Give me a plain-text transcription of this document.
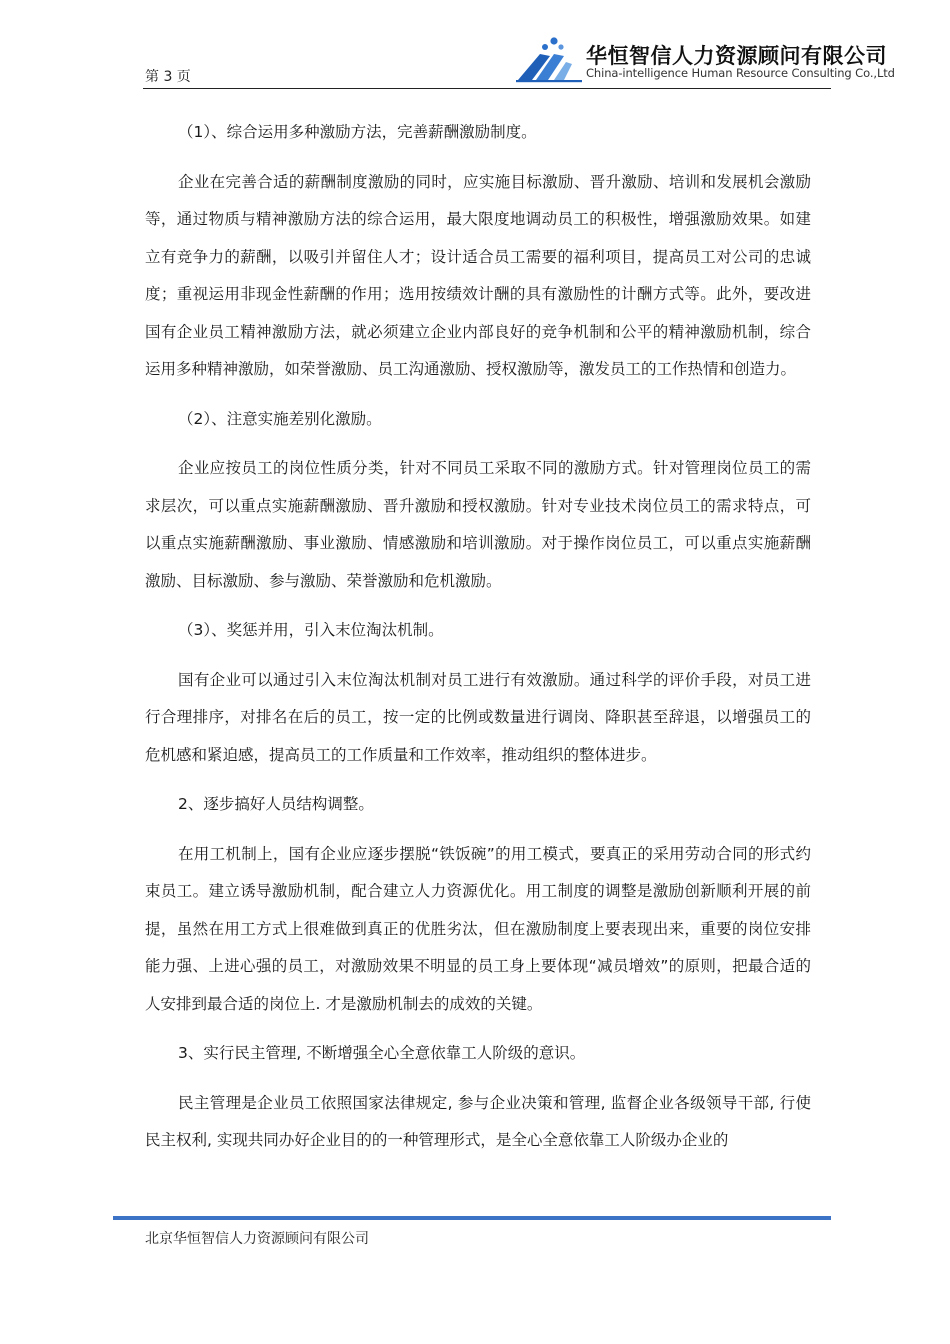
第 3 页
华恒智信人力资源顾问有限公司
China-intelligence Human Resource Consulting Co.,Ltd

（1）、综合运用多种激励方法，完善薪酬激励制度。

企业在完善合适的薪酬制度激励的同时，应实施目标激励、晋升激励、培训和发展机会激励等，通过物质与精神激励方法的综合运用，最大限度地调动员工的积极性，增强激励效果。如建立有竞争力的薪酬，以吸引并留住人才；设计适合员工需要的福利项目，提高员工对公司的忠诚度；重视运用非现金性薪酬的作用；选用按绩效计酬的具有激励性的计酬方式等。此外，要改进国有企业员工精神激励方法，就必须建立企业内部良好的竞争机制和公平的精神激励机制，综合运用多种精神激励，如荣誉激励、员工沟通激励、授权激励等，激发员工的工作热情和创造力。

（2）、注意实施差别化激励。

企业应按员工的岗位性质分类，针对不同员工采取不同的激励方式。针对管理岗位员工的需求层次，可以重点实施薪酬激励、晋升激励和授权激励。针对专业技术岗位员工的需求特点，可以重点实施薪酬激励、事业激励、情感激励和培训激励。对于操作岗位员工，可以重点实施薪酬激励、目标激励、参与激励、荣誉激励和危机激励。

（3）、奖惩并用，引入末位淘汰机制。

国有企业可以通过引入末位淘汰机制对员工进行有效激励。通过科学的评价手段，对员工进行合理排序，对排名在后的员工，按一定的比例或数量进行调岗、降职甚至辞退，以增强员工的危机感和紧迫感，提高员工的工作质量和工作效率，推动组织的整体进步。

2、逐步搞好人员结构调整。

在用工机制上，国有企业应逐步摆脱“铁饭碗”的用工模式，要真正的采用劳动合同的形式约束员工。建立诱导激励机制，配合建立人力资源优化。用工制度的调整是激励创新顺利开展的前提，虽然在用工方式上很难做到真正的优胜劣汰，但在激励制度上要表现出来，重要的岗位安排能力强、上进心强的员工，对激励效果不明显的员工身上要体现“减员增效”的原则，把最合适的人安排到最合适的岗位上. 才是激励机制去的成效的关键。

3、实行民主管理, 不断增强全心全意依靠工人阶级的意识。

民主管理是企业员工依照国家法律规定, 参与企业决策和管理, 监督企业各级领导干部, 行使民主权利, 实现共同办好企业目的的一种管理形式，是全心全意依靠工人阶级办企业的

北京华恒智信人力资源顾问有限公司
